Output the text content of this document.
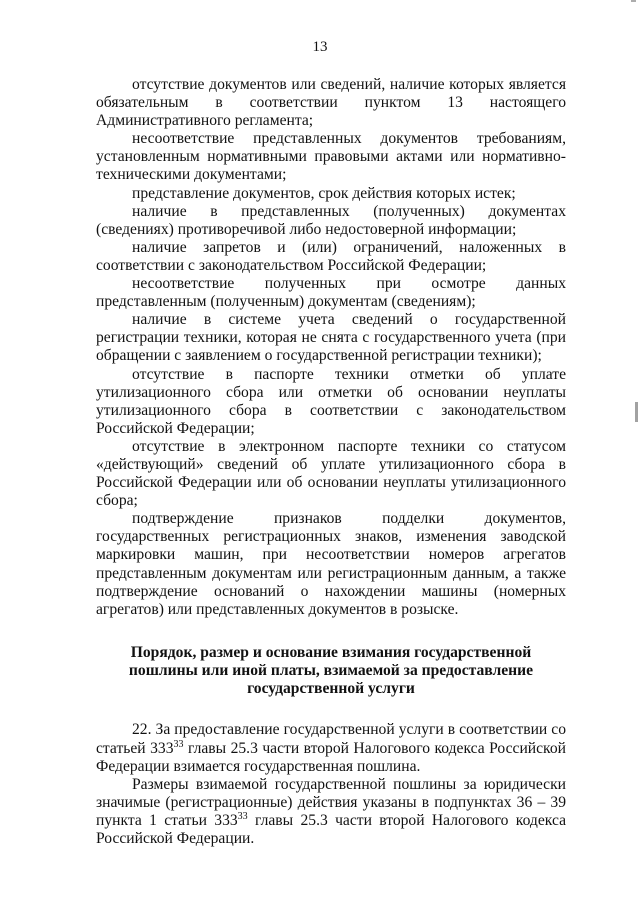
13

отсутствие документов или сведений, наличие которых является обязательным в соответствии пунктом 13 настоящего Административного регламента;

несоответствие представленных документов требованиям, установленным нормативными правовыми актами или нормативно-техническими документами;

представление документов, срок действия которых истек;

наличие в представленных (полученных) документах (сведениях) противоречивой либо недостоверной информации;

наличие запретов и (или) ограничений, наложенных в соответствии с законодательством Российской Федерации;

несоответствие полученных при осмотре данных представленным (полученным) документам (сведениям);

наличие в системе учета сведений о государственной регистрации техники, которая не снята с государственного учета (при обращении с заявлением о государственной регистрации техники);

отсутствие в паспорте техники отметки об уплате утилизационного сбора или отметки об основании неуплаты утилизационного сбора в соответствии с законодательством Российской Федерации;

отсутствие в электронном паспорте техники со статусом «действующий» сведений об уплате утилизационного сбора в Российской Федерации или об основании неуплаты утилизационного сбора;

подтверждение признаков подделки документов, государственных регистрационных знаков, изменения заводской маркировки машин, при несоответствии номеров агрегатов представленным документам или регистрационным данным, а также подтверждение оснований о нахождении машины (номерных агрегатов) или представленных документов в розыске.

Порядок, размер и основание взимания государственной пошлины или иной платы, взимаемой за предоставление государственной услуги

22. За предоставление государственной услуги в соответствии со статьей $333^{33}$ главы 25.3 части второй Налогового кодекса Российской Федерации взимается государственная пошлина.

Размеры взимаемой государственной пошлины за юридически значимые (регистрационные) действия указаны в подпунктах 36 – 39 пункта 1 статьи $333^{33}$ главы 25.3 части второй Налогового кодекса Российской Федерации.
